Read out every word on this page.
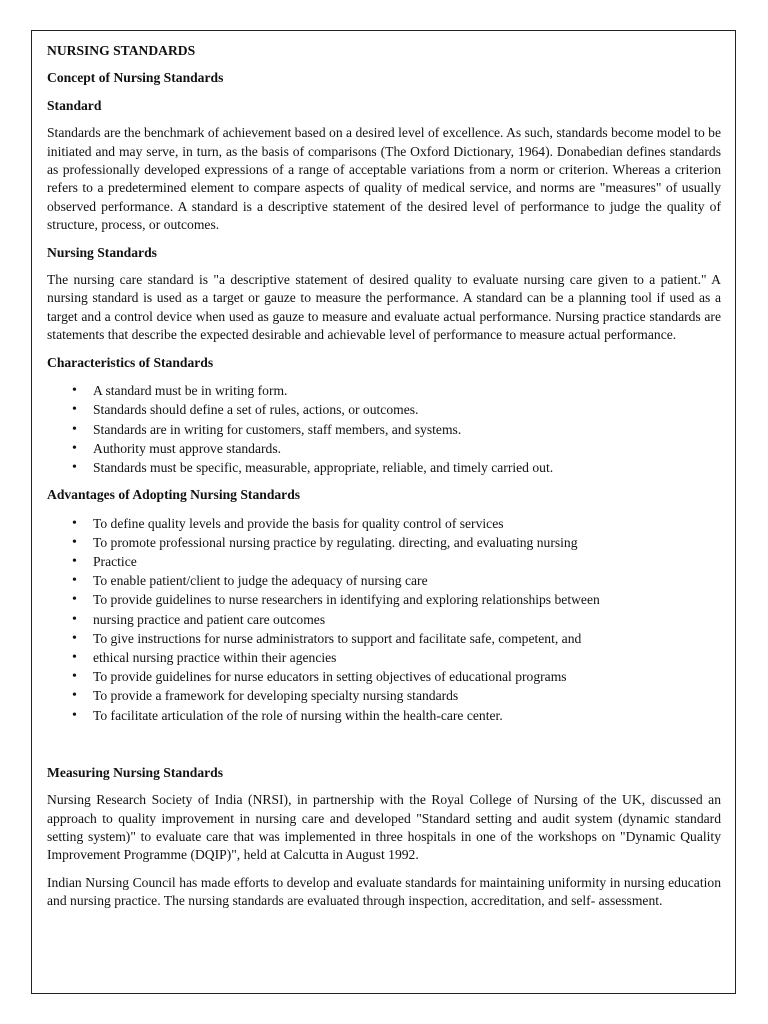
NURSING STANDARDS
Concept of Nursing Standards
Standard

Standards are the benchmark of achievement based on a desired level of excellence. As such, standards become model to be initiated and may serve, in turn, as the basis of comparisons (The Oxford Dictionary, 1964). Donabedian defines standards as professionally developed expressions of a range of acceptable variations from a norm or criterion. Whereas a criterion refers to a predetermined element to compare aspects of quality of medical service, and norms are "measures" of usually observed performance. A standard is a descriptive statement of the desired level of performance to judge the quality of structure, process, or outcomes.

Nursing Standards

The nursing care standard is "a descriptive statement of desired quality to evaluate nursing care given to a patient." A nursing standard is used as a target or gauze to measure the performance. A standard can be a planning tool if used as a target and a control device when used as gauze to measure and evaluate actual performance. Nursing practice standards are statements that describe the expected desirable and achievable level of performance to measure actual performance.

Characteristics of Standards
• A standard must be in writing form.
• Standards should define a set of rules, actions, or outcomes.
• Standards are in writing for customers, staff members, and systems.
• Authority must approve standards.
• Standards must be specific, measurable, appropriate, reliable, and timely carried out.
Advantages of Adopting Nursing Standards
• To define quality levels and provide the basis for quality control of services
• To promote professional nursing practice by regulating. directing, and evaluating nursing
• Practice
• To enable patient/client to judge the adequacy of nursing care
• To provide guidelines to nurse researchers in identifying and exploring relationships between
• nursing practice and patient care outcomes
• To give instructions for nurse administrators to support and facilitate safe, competent, and
• ethical nursing practice within their agencies
• To provide guidelines for nurse educators in setting objectives of educational programs
• To provide a framework for developing specialty nursing standards
• To facilitate articulation of the role of nursing within the health-care center.
Measuring Nursing Standards

Nursing Research Society of India (NRSI), in partnership with the Royal College of Nursing of the UK, discussed an approach to quality improvement in nursing care and developed "Standard setting and audit system (dynamic standard setting system)" to evaluate care that was implemented in three hospitals in one of the workshops on "Dynamic Quality Improvement Programme (DQIP)", held at Calcutta in August 1992.

Indian Nursing Council has made efforts to develop and evaluate standards for maintaining uniformity in nursing education and nursing practice. The nursing standards are evaluated through inspection, accreditation, and self- assessment.
